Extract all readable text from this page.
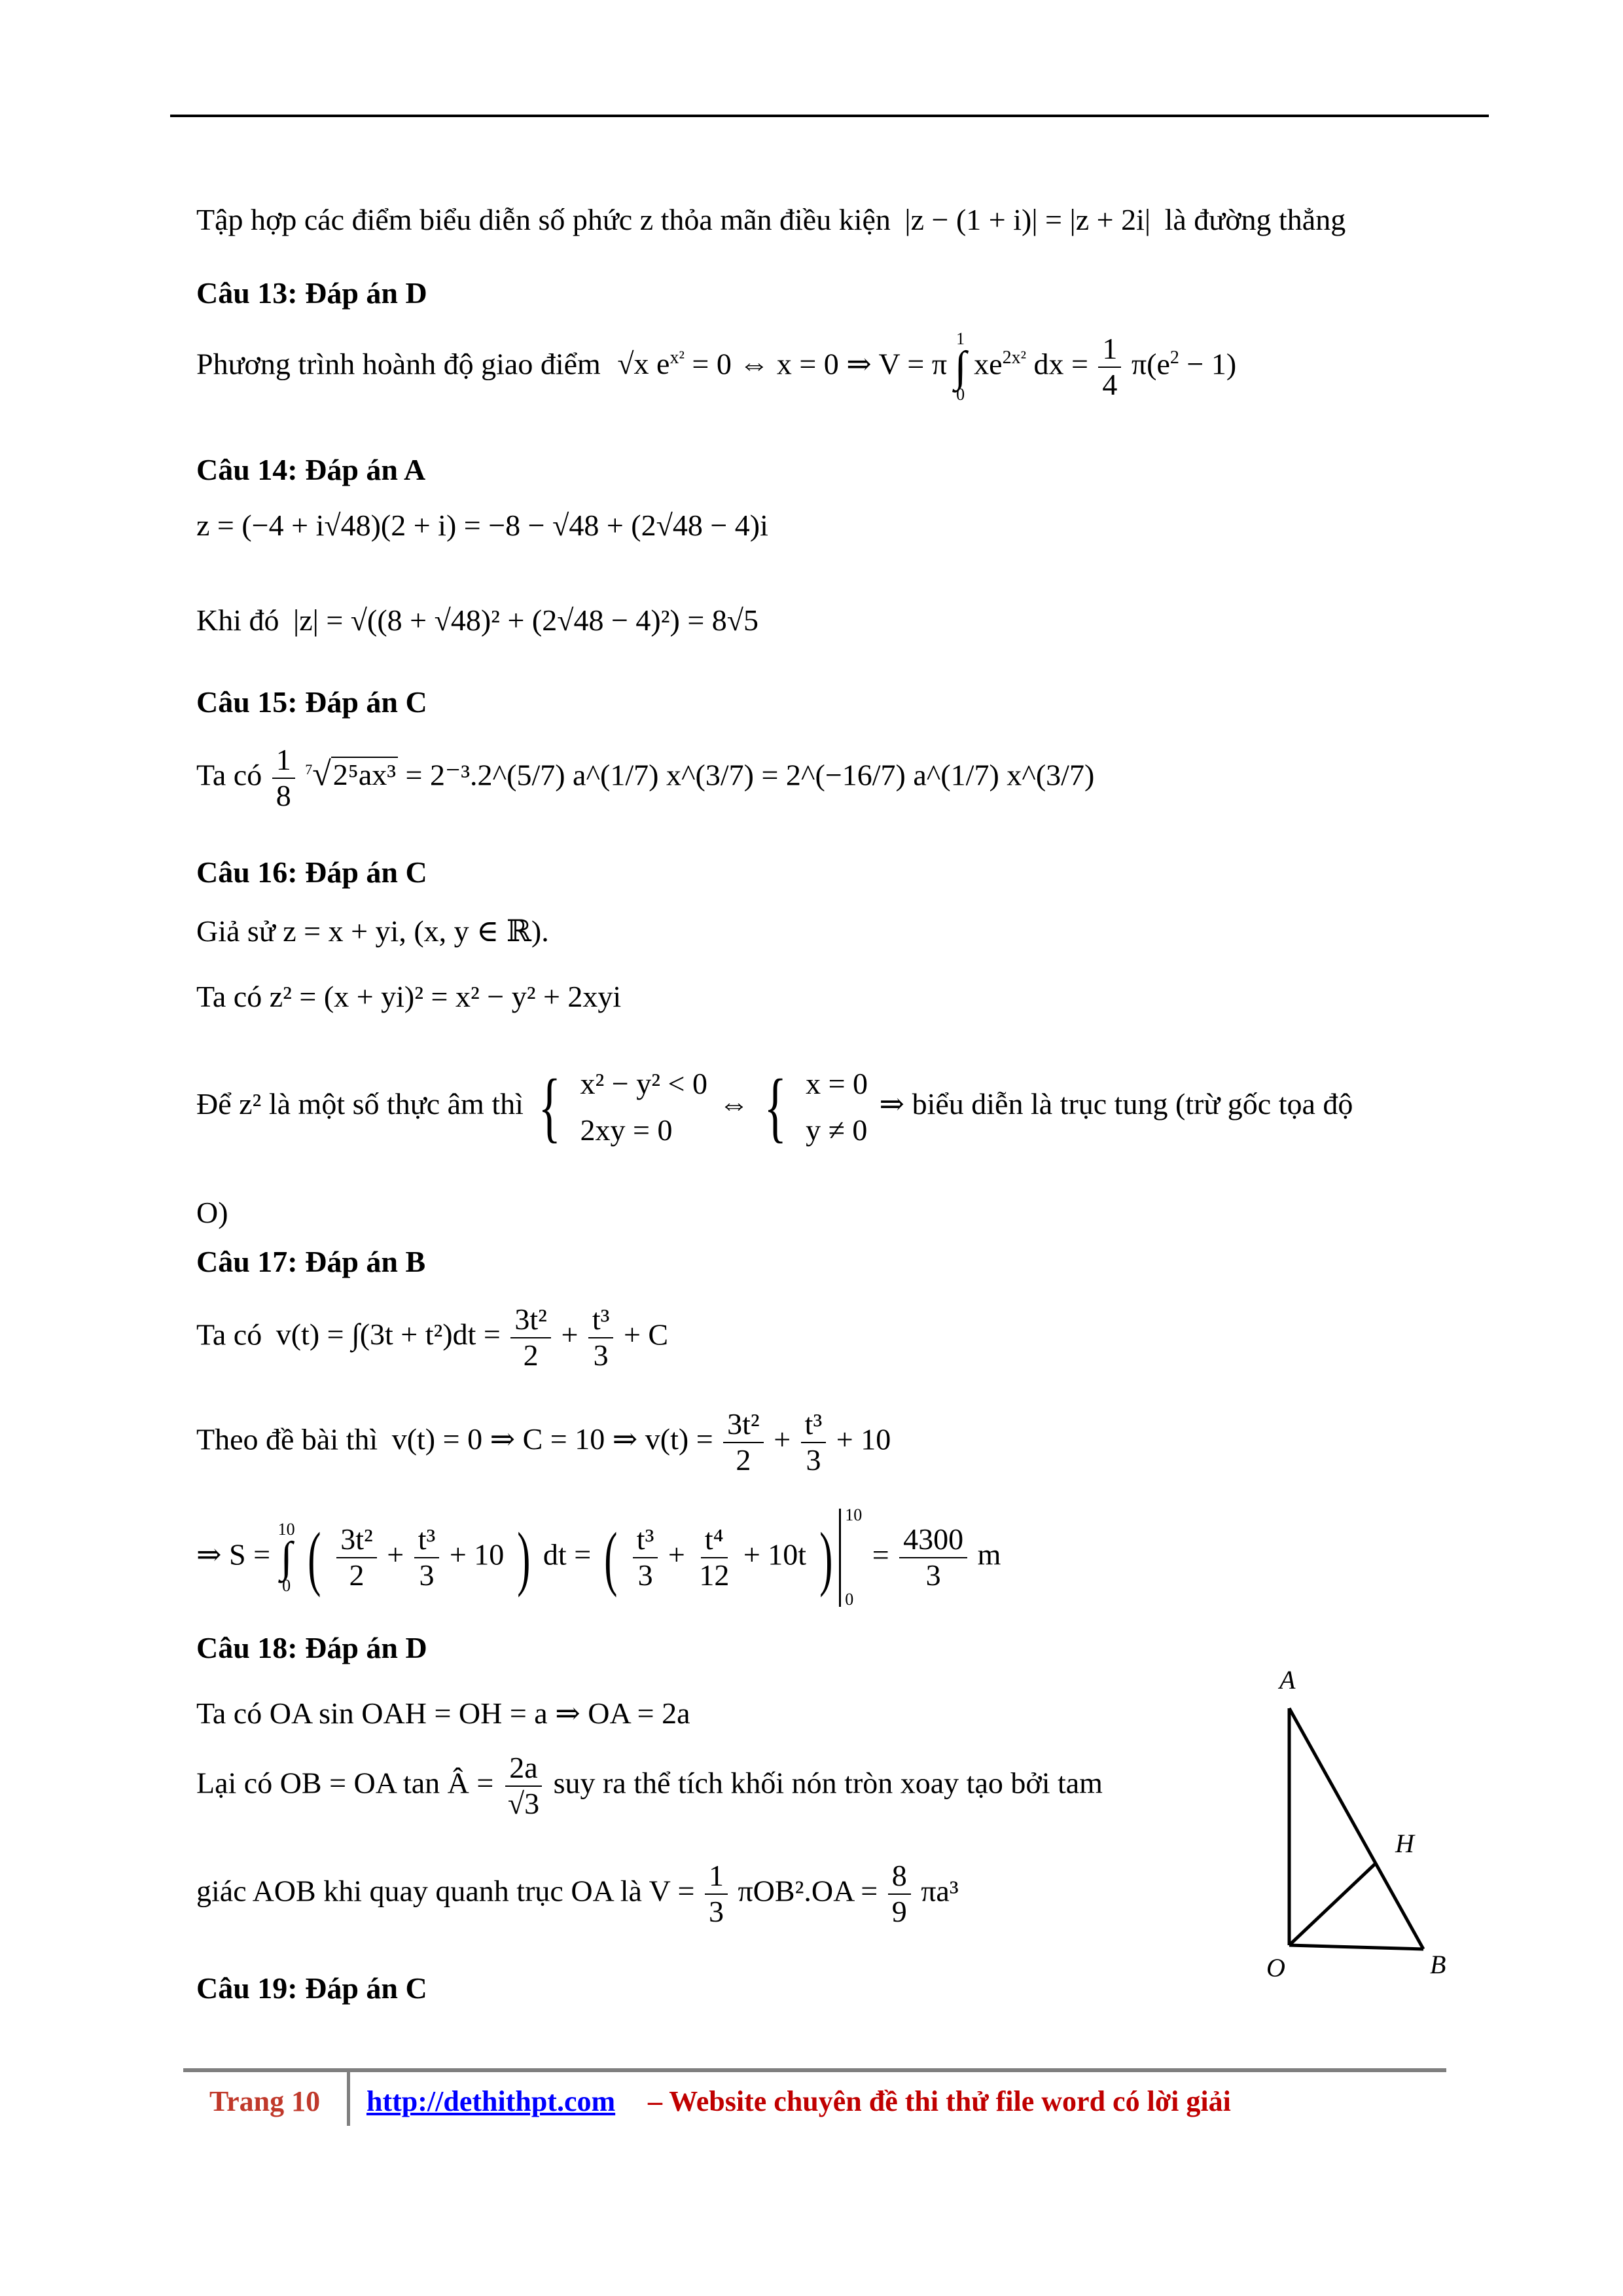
Tập hợp các điểm biểu diễn số phức z thỏa mãn điều kiện |z − (1 + i)| = |z + 2i| là đường thẳng
Câu 13: Đáp án D
Phương trình hoành độ giao điểm √x $e^{x^2} = 0$ ⇔ x = 0 ⇒ V = π
1
∫
0
$xe^{2x^2}$ dx = $\frac{1}{4} \pi(e^2 - 1)$
Câu 14: Đáp án A
z = (−4 + i√48)(2 + i) = −8 − √48 + (2√48 − 4)i
Khi đó |z| = √((8 + √48)² + (2√48 − 4)²) = 8√5
Câu 15: Đáp án C
Ta có $\frac{1}{8} ^7√2^5ax^3$ = 2⁻³.2^(5/7) a^(1/7) x^(3/7) = 2^(−16/7) a^(1/7) x^(3/7)
Câu 16: Đáp án C
Giả sử z = x + yi, (x, y ∈ ℝ).
Ta có z² = (x + yi)² = x² − y² + 2xyi
Để z² là một số thực âm thì { x² − y² < 0
2xy = 0
⇔ { x = 0
y ≠ 0
⇒ biểu diễn là trục tung (trừ gốc tọa độ
O)
Câu 17: Đáp án B
Ta có $v(t) = \int(3t + t^2)dt = \frac{\text{3t²}}{2} + \frac{\text{t³}}{3} + C$
Theo đề bài thì v(t) = 0 ⇒ C = 10 ⇒ $v(t) = \frac{\text{3t²}}{2} + \frac{\text{t³}}{3} + 10$
⇒ S =
10
∫
0 ( $\frac{\text{3t²}}{2} + \frac{\text{t³}}{3} + 10$ ) dt = ( $\frac{\text{t³}}{3} + \frac{\text{t⁴}}{12} + 10t$ )
10
0
= $\frac{4300}{3}$ m
Câu 18: Đáp án D
Ta có OA sin OAH = OH = a ⇒ OA = 2a
Lại có OB = OA tan Â = $\frac{2a}{√3}$ suy ra thể tích khối nón tròn xoay tạo bởi tam
giác AOB khi quay quanh trục OA là $V = \frac{1}{3} \pi OB^2.OA = \frac{8}{9} \pi a^3$
Câu 19: Đáp án C
A
H
O	B
Trang 10 http://dethithpt.com – Website chuyên đề thi thử file word có lời giải
